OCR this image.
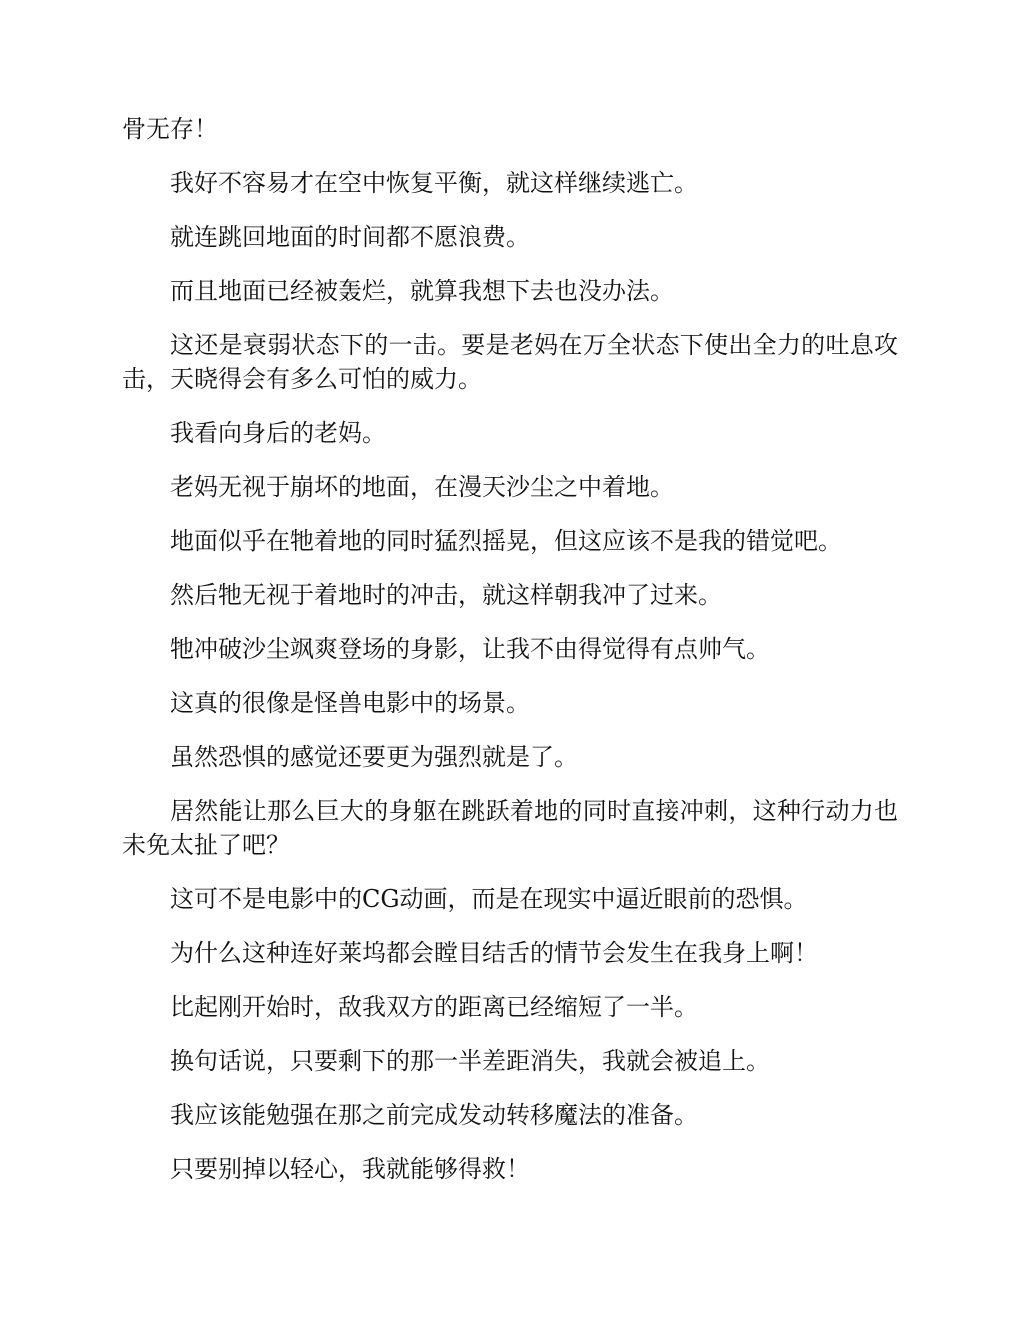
骨无存！

我好不容易才在空中恢复平衡，就这样继续逃亡。

就连跳回地面的时间都不愿浪费。

而且地面已经被轰烂，就算我想下去也没办法。

这还是衰弱状态下的一击。要是老妈在万全状态下使出全力的吐息攻击，天晓得会有多么可怕的威力。

我看向身后的老妈。

老妈无视于崩坏的地面，在漫天沙尘之中着地。

地面似乎在牠着地的同时猛烈摇晃，但这应该不是我的错觉吧。

然后牠无视于着地时的冲击，就这样朝我冲了过来。

牠冲破沙尘飒爽登场的身影，让我不由得觉得有点帅气。

这真的很像是怪兽电影中的场景。

虽然恐惧的感觉还要更为强烈就是了。

居然能让那么巨大的身躯在跳跃着地的同时直接冲刺，这种行动力也未免太扯了吧？

这可不是电影中的CG动画，而是在现实中逼近眼前的恐惧。

为什么这种连好莱坞都会瞠目结舌的情节会发生在我身上啊！

比起刚开始时，敌我双方的距离已经缩短了一半。

换句话说，只要剩下的那一半差距消失，我就会被追上。

我应该能勉强在那之前完成发动转移魔法的准备。

只要别掉以轻心，我就能够得救！
